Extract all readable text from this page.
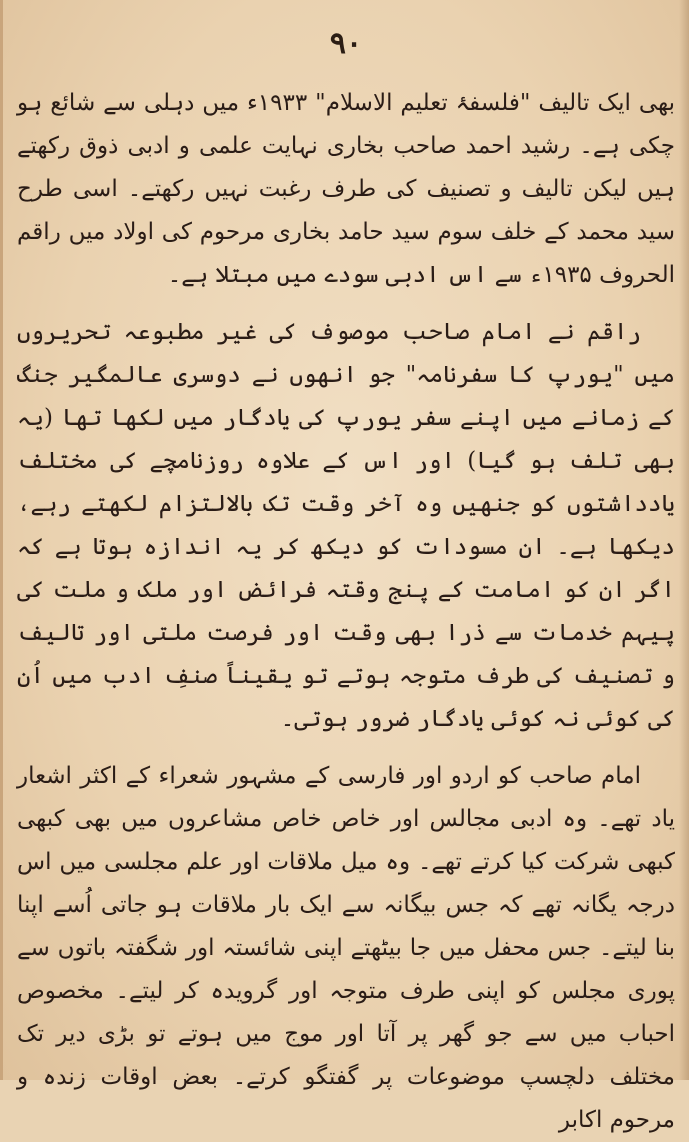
۹۰

بھی ایک تالیف "فلسفۂ تعلیم الاسلام" ۱۹۳۳ء میں دہلی سے شائع ہو چکی ہے۔ رشید احمد صاحب بخاری نہایت علمی و ادبی ذوق رکھتے ہیں لیکن تالیف و تصنیف کی طرف رغبت نہیں رکھتے۔ اسی طرح سید محمد کے خلف سوم سید حامد بخاری مرحوم کی اولاد میں راقم الحروف ۱۹۳۵ء سے اس ادبی سودے میں مبتلا ہے۔

راقم نے امام صاحب موصوف کی غیر مطبوعہ تحریروں میں "یورپ کا سفرنامہ" جو انھوں نے دوسری عالمگیر جنگ کے زمانے میں اپنے سفر یورپ کی یادگار میں لکھا تھا (یہ بھی تلف ہو گیا) اور اس کے علاوہ روزنامچے کی مختلف یادداشتوں کو جنھیں وہ آخر وقت تک بالالتزام لکھتے رہے، دیکھا ہے۔ ان مسودات کو دیکھ کر یہ اندازہ ہوتا ہے کہ اگر ان کو امامت کے پنج وقتہ فرائض اور ملک و ملت کی پیہم خدمات سے ذرا بھی وقت اور فرصت ملتی اور تالیف و تصنیف کی طرف متوجہ ہوتے تو یقیناً صنفِ ادب میں اُن کی کوئی نہ کوئی یادگار ضرور ہوتی۔

امام صاحب کو اردو اور فارسی کے مشہور شعراء کے اکثر اشعار یاد تھے۔ وہ ادبی مجالس اور خاص خاص مشاعروں میں بھی کبھی کبھی شرکت کیا کرتے تھے۔ وہ میل ملاقات اور علم مجلسی میں اس درجہ یگانہ تھے کہ جس بیگانہ سے ایک بار ملاقات ہو جاتی اُسے اپنا بنا لیتے۔ جس محفل میں جا بیٹھتے اپنی شائستہ اور شگفتہ باتوں سے پوری مجلس کو اپنی طرف متوجہ اور گرویدہ کر لیتے۔ مخصوص احباب میں سے جو گھر پر آتا اور موج میں ہوتے تو بڑی دیر تک مختلف دلچسپ موضوعات پر گفتگو کرتے۔ بعض اوقات زندہ و مرحوم اکابر
